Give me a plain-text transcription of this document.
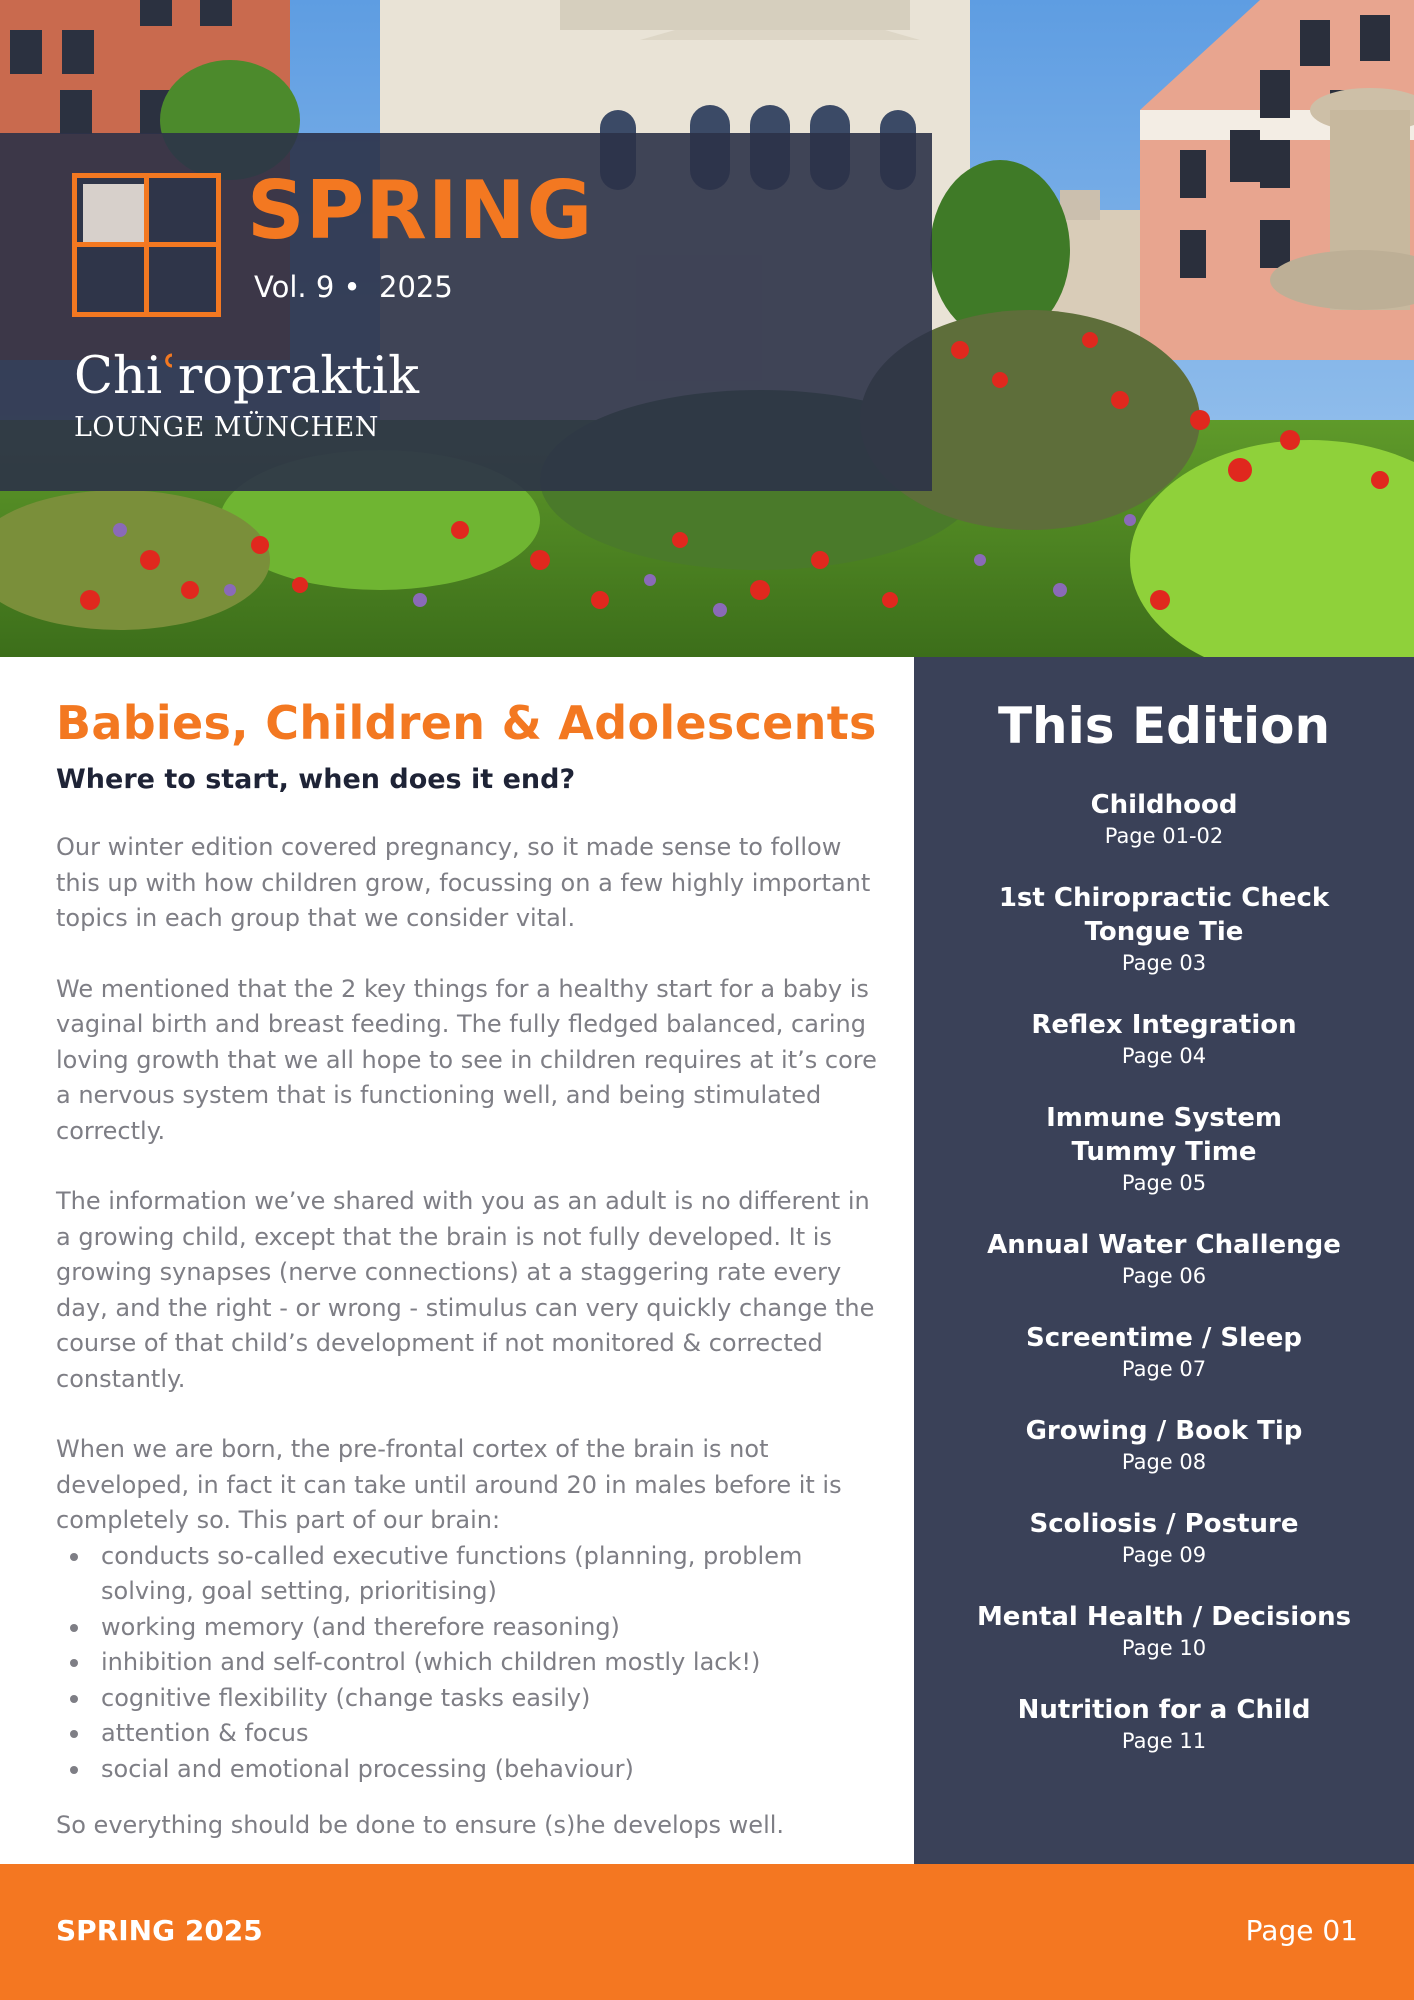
SPRING
Vol. 9 •  2025
Chiʿropraktik
LOUNGE MÜNCHEN
Babies, Children & Adolescents
Where to start, when does it end?

Our winter edition covered pregnancy, so it made sense to follow this up with how children grow, focussing on a few highly important topics in each group that we consider vital.

We mentioned that the 2 key things for a healthy start for a baby is vaginal birth and breast feeding. The fully fledged balanced, caring loving growth that we all hope to see in children requires at it’s core a nervous system that is functioning well, and being stimulated correctly.

The information we’ve shared with you as an adult is no different in a growing child, except that the brain is not fully developed. It is growing synapses (nerve connections) at a staggering rate every day, and the right - or wrong - stimulus can very quickly change the course of that child’s development if not monitored & corrected constantly.

When we are born, the pre-frontal cortex of the brain is not developed, in fact it can take until around 20 in males before it is completely so. This part of our brain:

conducts so-called executive functions (planning, problem solving, goal setting, prioritising)
working memory (and therefore reasoning)
inhibition and self-control (which children mostly lack!)
cognitive flexibility (change tasks easily)
attention & focus
social and emotional processing (behaviour)

So everything should be done to ensure (s)he develops well.

This Edition
Childhood
Page 01-02
1st Chiropractic Check
Tongue Tie
Page 03
Reflex Integration
Page 04
Immune System
Tummy Time
Page 05
Annual Water Challenge
Page 06
Screentime / Sleep
Page 07
Growing / Book Tip
Page 08
Scoliosis / Posture
Page 09
Mental Health / Decisions
Page 10
Nutrition for a Child
Page 11
SPRING 2025	Page 01
